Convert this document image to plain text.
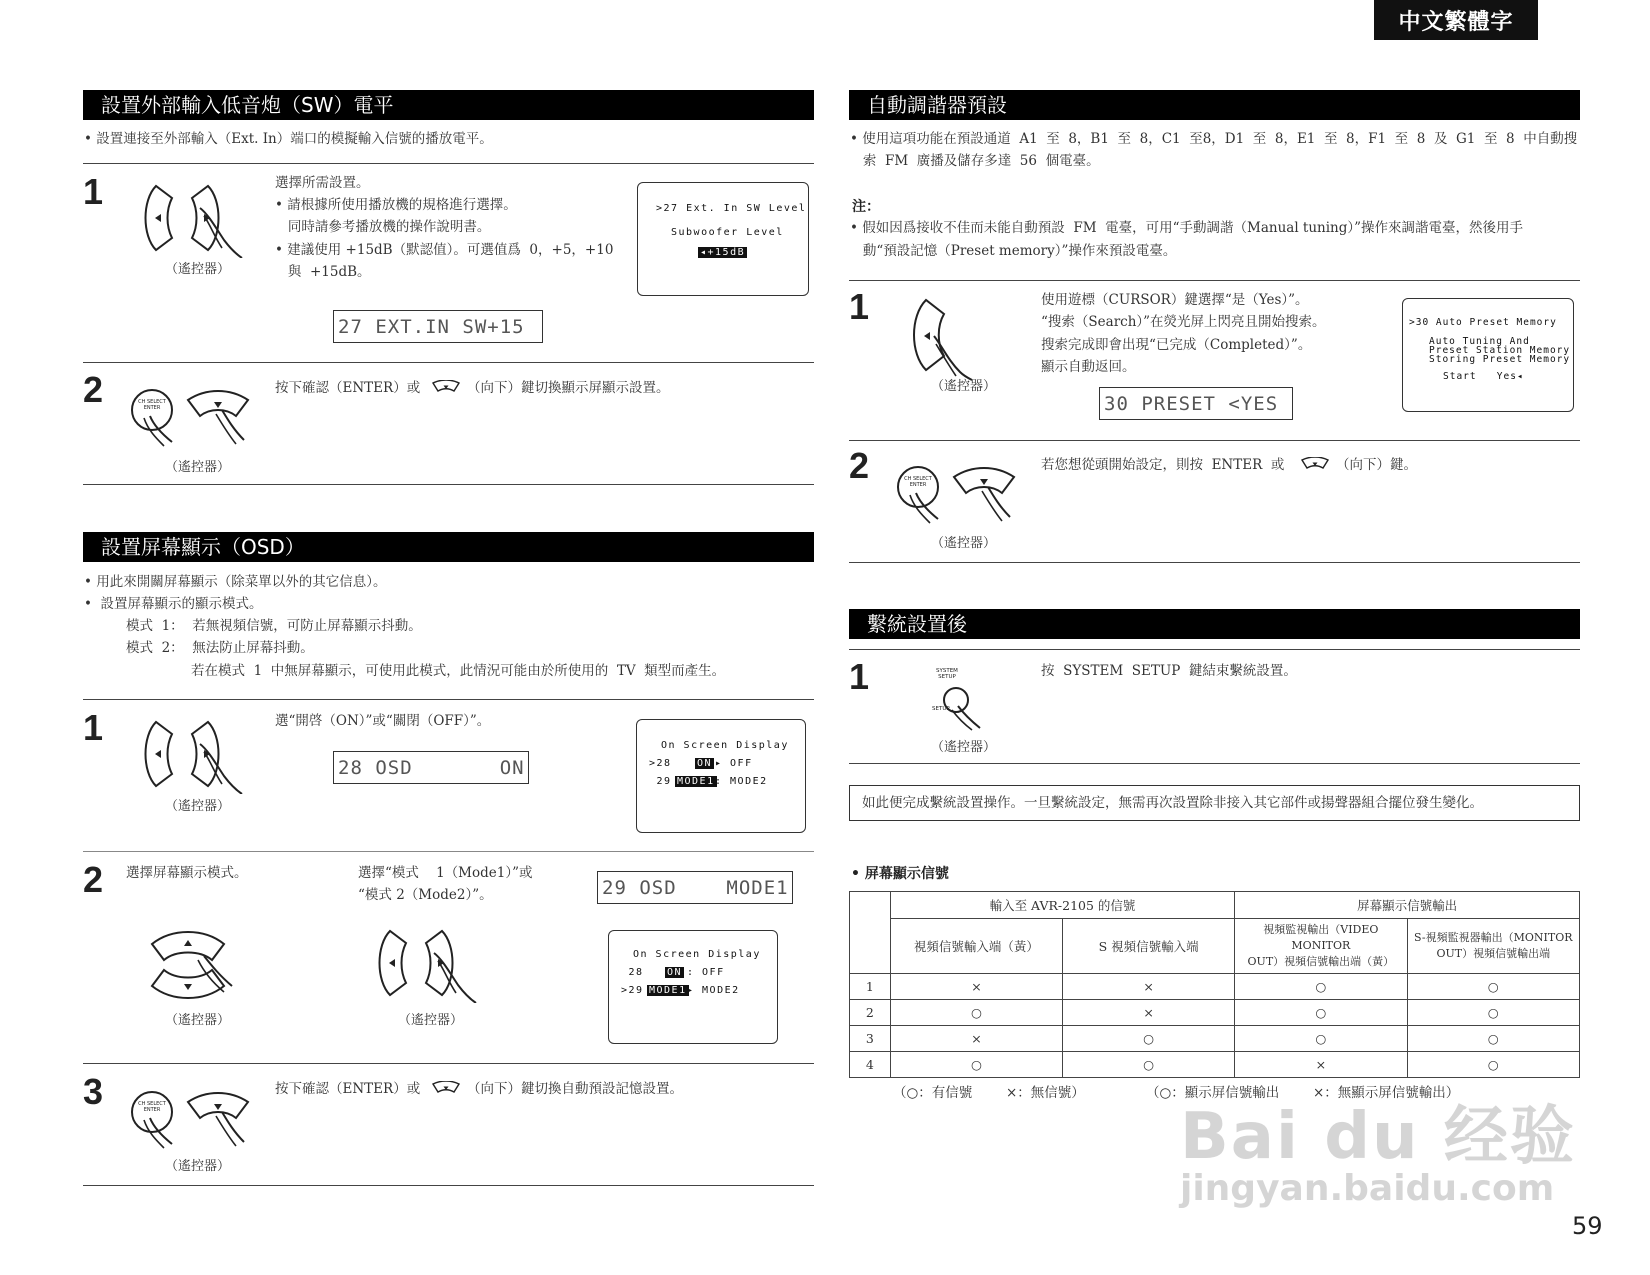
中文繁體字
設置外部輸入低音炮（SW）電平
• 設置連接至外部輸入（Ext. In）端口的模擬輸入信號的播放電平。
1
（遙控器）
選擇所需設置。
• 請根據所使用播放機的規格進行選擇。
同時請參考播放機的操作說明書。
• 建議使用 +15dB（默認值）。可選值爲  0，+5，+10
與  +15dB。
>27 Ext. In SW Level
Subwoofer Level
◂+15dB
27 EXT.IN SW+15
2	CH SELECT
ENTER
（遙控器）
按下確認（ENTER）或	（向下）鍵切換顯示屏顯示設置。
設置屏幕顯示（OSD）
• 用此來開關屏幕顯示（除菜單以外的其它信息）。
•  設置屏幕顯示的顯示模式。
模式  1：  若無視頻信號，可防止屏幕顯示抖動。
模式  2：  無法防止屏幕抖動。
若在模式  1  中無屏幕顯示，可使用此模式，此情況可能由於所使用的  TV  類型而產生。
1
（遙控器）
選“開啓（ON）”或“關閉（OFF）”。
28 OSD       ON
On Screen Display
>28	ON ▸ OFF
29 MODE1 : MODE2
2 選擇屏幕顯示模式。	選擇“模式    1（Mode1）”或
“模式 2（Mode2）”。	29 OSD    MODE1
（遙控器）	（遙控器）
On Screen Display
28 ON : OFF
>29 MODE1 ▸ MODE2
3	CH SELECT
ENTER
（遙控器）
按下確認（ENTER）或	（向下）鍵切換自動預設記憶設置。
自動調諧器預設
• 使用這項功能在預設通道  A1  至  8，B1  至  8，C1  至8，D1  至  8，E1  至  8，F1  至  8  及  G1  至  8  中自動搜
索  FM  廣播及儲存多達  56  個電臺。
注：
• 假如因爲接收不佳而未能自動預設  FM  電臺，可用“手動調諧（Manual tuning）”操作來調諧電臺，然後用手
動“預設記憶（Preset memory）”操作來預設電臺。
1
（遙控器）
使用遊標（CURSOR）鍵選擇“是（Yes）”。
“搜索（Search）”在熒光屏上閃亮且開始搜索。
搜索完成即會出現“已完成（Completed）”。
顯示自動返回。
30 PRESET <YES
>30 Auto Preset Memory
Auto Tuning And
Preset Station Memory
Storing Preset Memory
Start   Yes◂
2	CH SELECT
ENTER
（遙控器）
若您想從頭開始設定，則按  ENTER  或	（向下）鍵。
繫統設置後
1	SYSTEM
SETUP
SETUP
（遙控器）
按  SYSTEM  SETUP  鍵結束繫統設置。
如此便完成繫統設置操作。一旦繫統設定，無需再次設置除非接入其它部件或揚聲器組合擺位發生變化。
• 屏幕顯示信號
	輸入至 AVR-2105 的信號		屏幕顯示信號輸出	
	視頻信號輸入端（黃）	S 視頻信號輸入端	視頻監視輸出（VIDEO MONITOR
OUT）視頻信號輸出端（黃）	S-視頻監視器輸出（MONITOR
OUT）視頻信號輸出端
1	×	×	○	○
2	○	×	○	○
3	×	○	○	○
4	○	○	×	○
（○：有信號 ×：無信號）	（○：顯示屏信號輸出 ×：無顯示屏信號輸出）
Bai du 经验
jingyan.baidu.com
59
